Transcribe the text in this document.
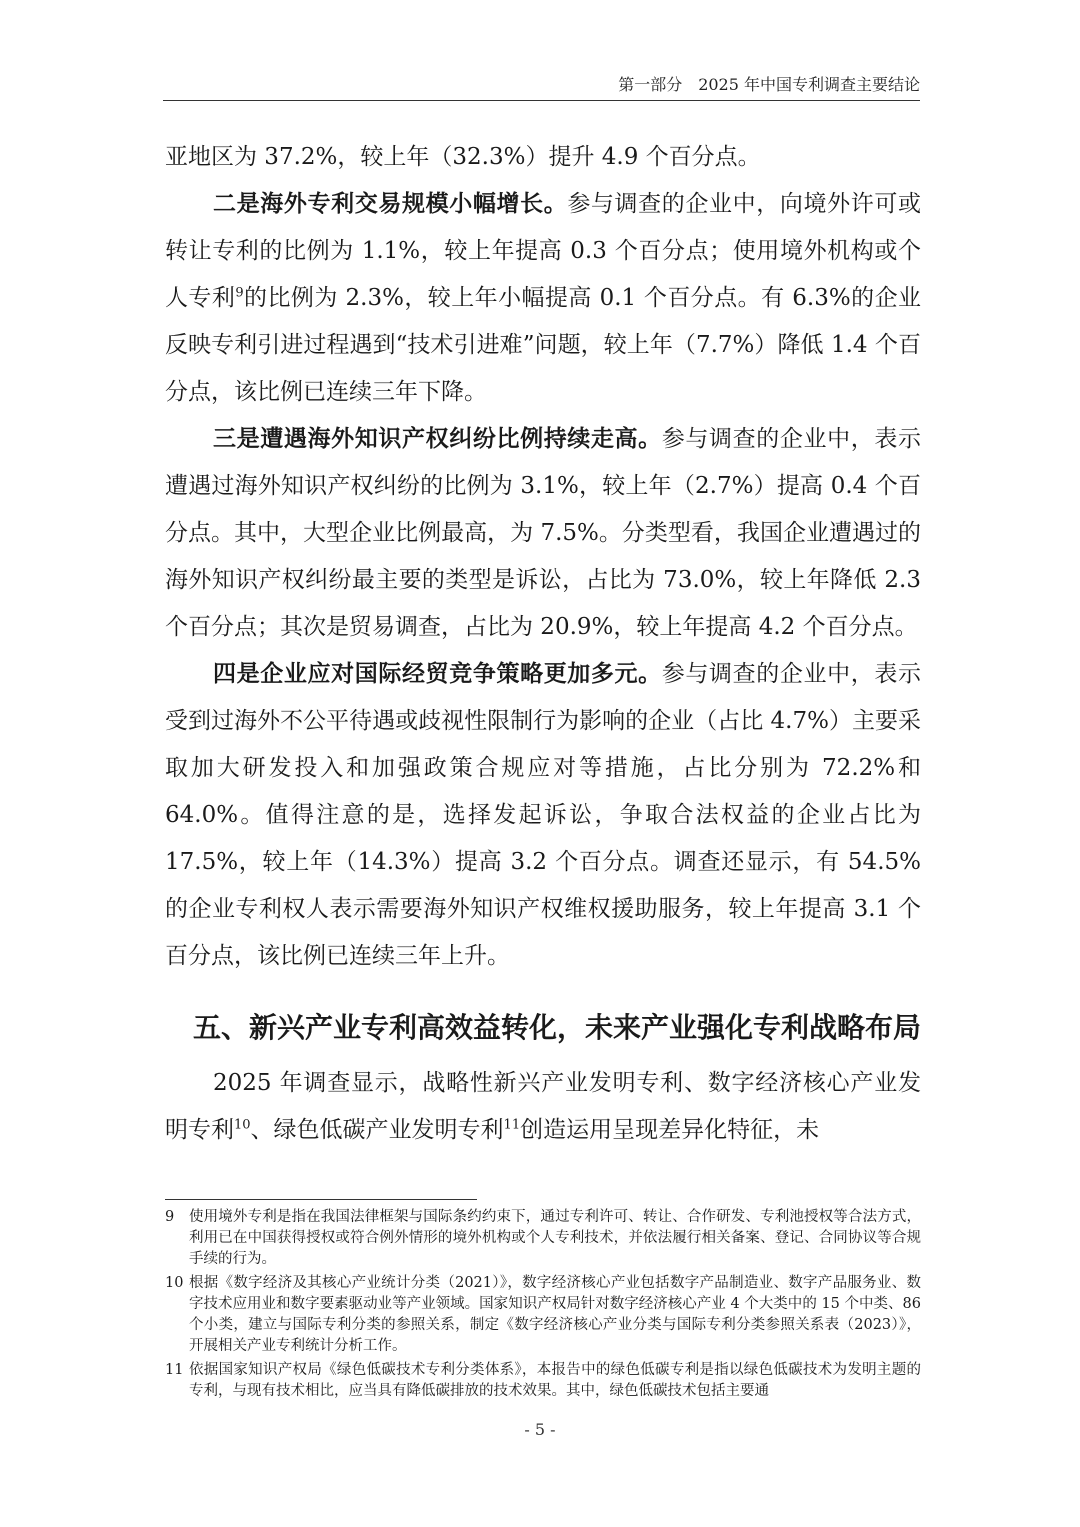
第一部分　2025 年中国专利调查主要结论

亚地区为 37.2%，较上年（32.3%）提升 4.9 个百分点。

二是海外专利交易规模小幅增长。参与调查的企业中，向境外许可或转让专利的比例为 1.1%，较上年提高 0.3 个百分点；使用境外机构或个人专利$^9$的比例为 2.3%，较上年小幅提高 0.1 个百分点。有 6.3%的企业反映专利引进过程遇到“技术引进难”问题，较上年（7.7%）降低 1.4 个百分点，该比例已连续三年下降。

三是遭遇海外知识产权纠纷比例持续走高。参与调查的企业中，表示遭遇过海外知识产权纠纷的比例为 3.1%，较上年（2.7%）提高 0.4 个百分点。其中，大型企业比例最高，为 7.5%。分类型看，我国企业遭遇过的海外知识产权纠纷最主要的类型是诉讼，占比为 73.0%，较上年降低 2.3 个百分点；其次是贸易调查，占比为 20.9%，较上年提高 4.2 个百分点。

四是企业应对国际经贸竞争策略更加多元。参与调查的企业中，表示受到过海外不公平待遇或歧视性限制行为影响的企业（占比 4.7%）主要采取加大研发投入和加强政策合规应对等措施，占比分别为 72.2%和 64.0%。值得注意的是，选择发起诉讼，争取合法权益的企业占比为 17.5%，较上年（14.3%）提高 3.2 个百分点。调查还显示，有 54.5%的企业专利权人表示需要海外知识产权维权援助服务，较上年提高 3.1 个百分点，该比例已连续三年上升。

五、新兴产业专利高效益转化，未来产业强化专利战略布局

2025 年调查显示，战略性新兴产业发明专利、数字经济核心产业发明专利$^{10}$、绿色低碳产业发明专利$^{11}$创造运用呈现差异化特征，未

9	使用境外专利是指在我国法律框架与国际条约约束下，通过专利许可、转让、合作研发、专利池授权等合法方式，利用已在中国获得授权或符合例外情形的境外机构或个人专利技术，并依法履行相关备案、登记、合同协议等合规手续的行为。
10 根据《数字经济及其核心产业统计分类（2021）》，数字经济核心产业包括数字产品制造业、数字产品服务业、数字技术应用业和数字要素驱动业等产业领域。国家知识产权局针对数字经济核心产业 4 个大类中的 15 个中类、86 个小类，建立与国际专利分类的参照关系，制定《数字经济核心产业分类与国际专利分类参照关系表（2023）》，开展相关产业专利统计分析工作。
11 依据国家知识产权局《绿色低碳技术专利分类体系》，本报告中的绿色低碳专利是指以绿色低碳技术为发明主题的专利，与现有技术相比，应当具有降低碳排放的技术效果。其中，绿色低碳技术包括主要通
- 5 -
